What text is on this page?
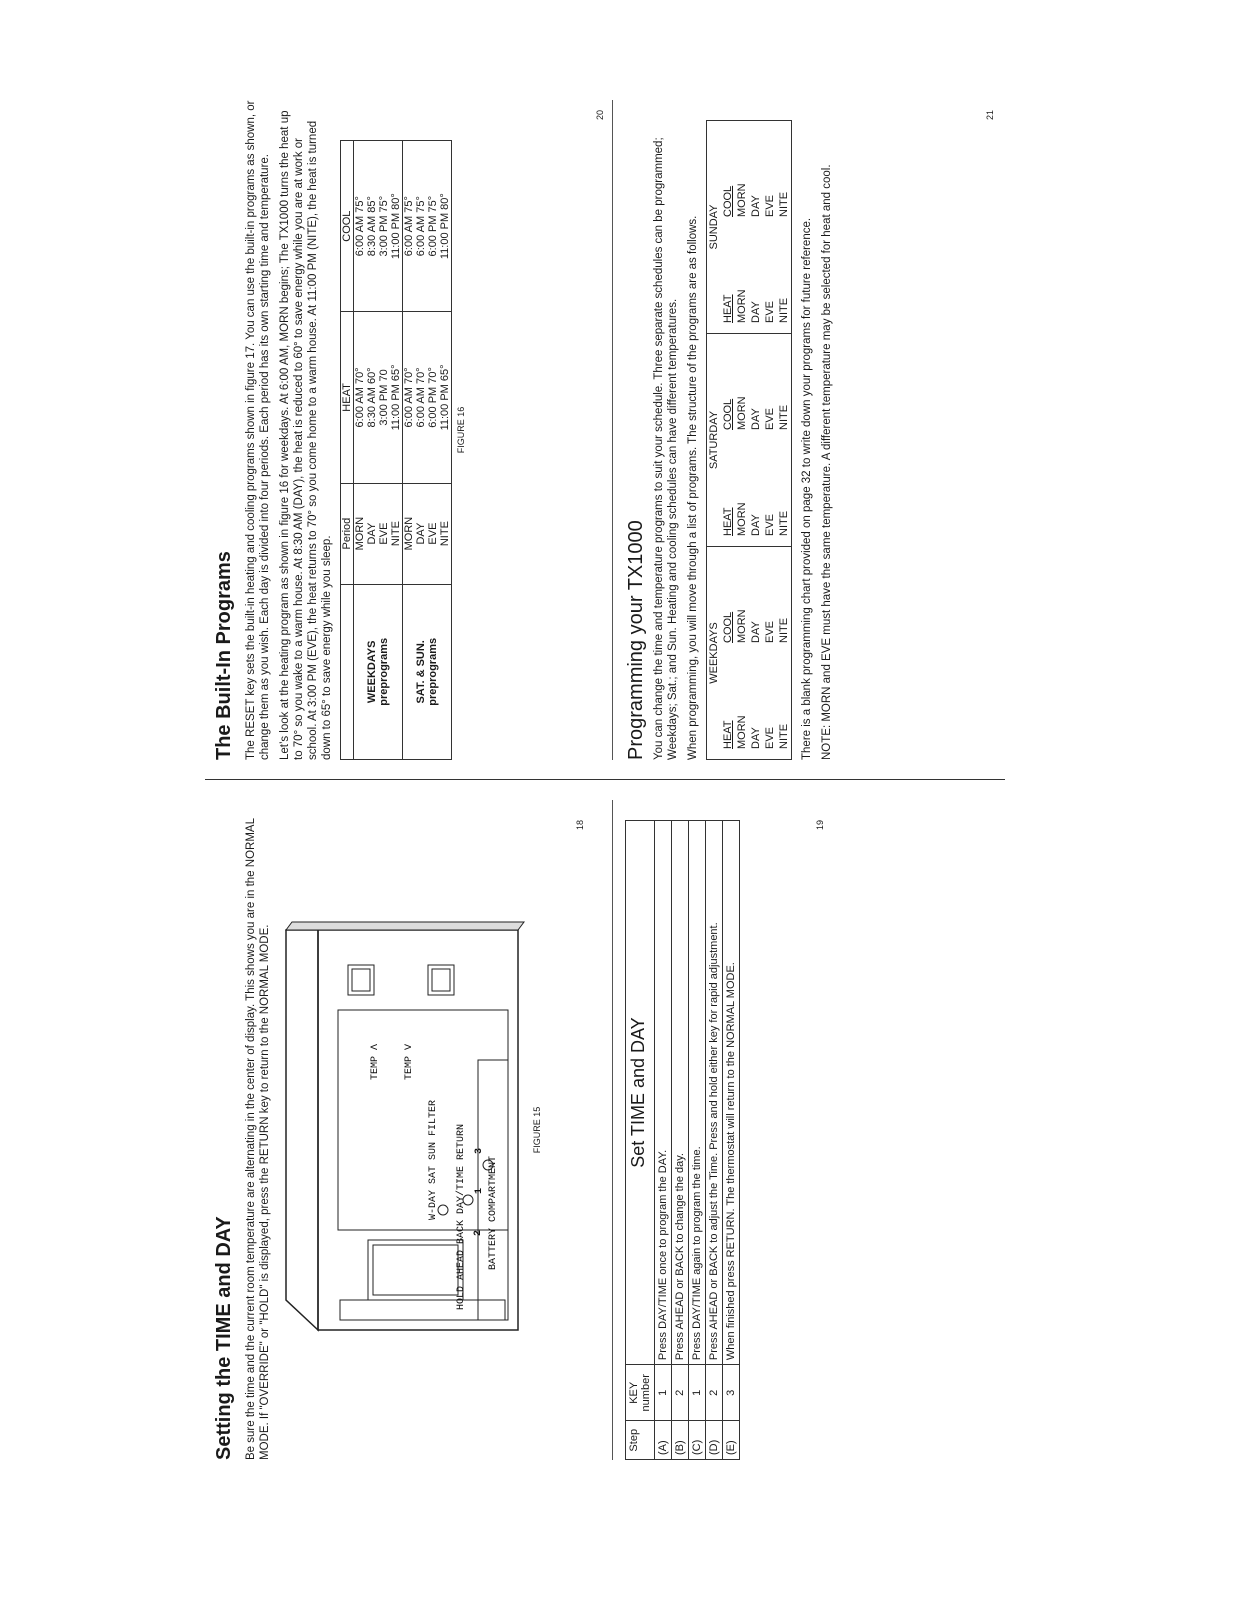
Setting the TIME and DAY Be sure the time and the current room temperature are alternating in the center of display. This shows you are in the NORMAL MODE. If "OVERRIDE" or "HOLD" is displayed, press the RETURN key to return to the NORMAL MODE.	TEMP Λ TEMP V
W-DAY SAT SUN FILTER HOLD AHEAD BACK DAY/TIME RETURN BATTERY COMPARTMENT
2
1
3	FIGURE 15
18
Step	KEY
number	Set TIME and DAY
(A)	1	Press DAY/TIME once to program the DAY.
(B)	2	Press AHEAD or BACK to change the day.
(C)	1	Press DAY/TIME again to program the time.
(D)	2	Press AHEAD or BACK to adjust the Time. Press and hold either key for rapid adjustment.
(E)	3	When finished press RETURN. The thermostat will return to the NORMAL MODE.
19
The Built-In Programs The RESET key sets the built-in heating and cooling programs shown in figure 17. You can use the built-in programs as shown, or change them as you wish. Each day is divided into four periods. Each period has its own starting time and temperature. Let’s look at the heating program as shown in figure 16 for weekdays. At 6:00 AM, MORN begins; The TX1000 turns the heat up to 70° so you wake to a warm house. At 8:30 AM (DAY), the heat is reduced to 60° to save energy while you are at work or school. At 3:00 PM (EVE), the heat returns to 70° so you come home to a warm house. At 11:00 PM (NITE), the heat is turned down to 65° to save energy while you sleep.

	Period	HEAT	COOL
WEEKDAYS
preprograms	MORN	6:00 AM 70°	6:00 AM 75°
	DAY	8:30 AM 60°	8:30 AM 85°
	EVE	3:00 PM 70	3:00 PM 75°
	NITE	11:00 PM 65°	11:00 PM 80°
SAT. & SUN.
preprograms	MORN	6:00 AM 70°	6:00 AM 75°
	DAY	6:00 AM 70°	6:00 AM 75°
	EVE	6:00 PM 70°	6:00 PM 75°
	NITE	11:00 PM 65°	11:00 PM 80°
FIGURE 16
20
Programming your TX1000 You can change the time and temperature programs to suit your schedule. Three separate schedules can be programmed; Weekdays; Sat.; and Sun. Heating and cooling schedules can have different temperatures. When programming, you will move through a list of programs. The structure of the programs are as follows. WEEKDAYS		SATURDAY		SUNDAY	
HEAT	COOL	HEAT	COOL	HEAT	COOL
MORN	MORN	MORN	MORN	MORN	MORN
DAY	DAY	DAY	DAY	DAY	DAY
EVE	EVE	EVE	EVE	EVE	EVE
NITE	NITE	NITE	NITE	NITE	NITE

There is a blank programming chart provided on page 32 to write down your programs for future reference. NOTE: MORN and EVE must have the same temperature. A different temperature may be selected for heat and cool.

21
